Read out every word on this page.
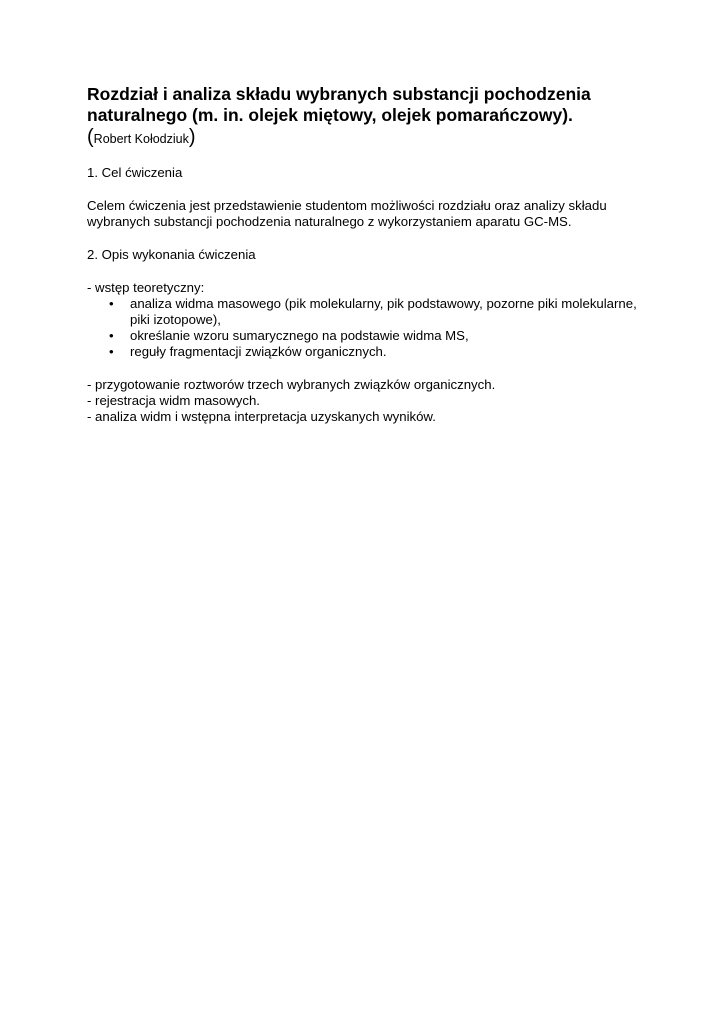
Rozdział i analiza składu wybranych substancji pochodzenia naturalnego (m. in. olejek miętowy, olejek pomarańczowy).

(Robert Kołodziuk)

1. Cel ćwiczenia

Celem ćwiczenia jest przedstawienie studentom możliwości rozdziału oraz analizy składu wybranych substancji pochodzenia naturalnego z wykorzystaniem aparatu GC-MS.

2. Opis wykonania ćwiczenia

- wstęp teoretyczny:

• analiza widma masowego (pik molekularny, pik podstawowy, pozorne piki molekularne, piki izotopowe),
• określanie wzoru sumarycznego na podstawie widma MS,
• reguły fragmentacji związków organicznych.

- przygotowanie roztworów trzech wybranych związków organicznych.

- rejestracja widm masowych.

- analiza widm i wstępna interpretacja uzyskanych wyników.
